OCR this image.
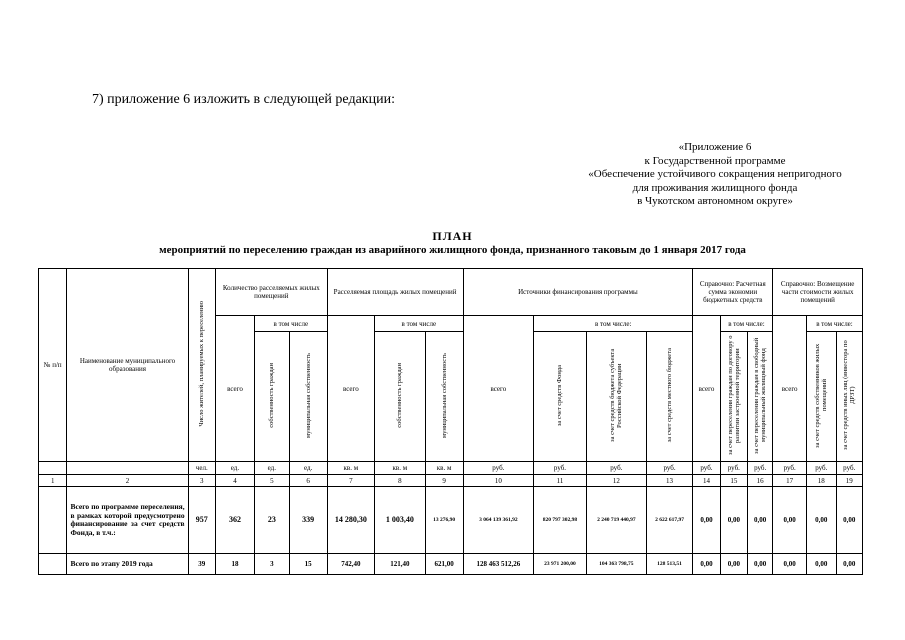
7) приложение 6 изложить в следующей редакции:
«Приложение 6
к Государственной программе
«Обеспечение устойчивого сокращения непригодного
для проживания жилищного фонда
в Чукотском автономном округе»
ПЛАН
мероприятий по переселению граждан из аварийного жилищного фонда, признанного таковым до 1 января 2017 года
№ п/п	Наименование муниципального образования	Число жителей, планируемых к переселению	Количество расселяемых жилых помещений			Расселяемая площадь жилых помещений			Источники финансирования программы				Справочно: Расчетная сумма экономии бюджетных средств			Справочно: Возмещение части стоимости жилых помещений		
			всего	в том числе		всего	в том числе		всего	в том числе:			всего	в том числе:		всего	в том числе:	
				собственность граждан	муниципальная собственность		собственность граждан	муниципальная собственность		за счет средств Фонда	за счет средств бюджета субъекта Российской Федерации	за счет средств местного бюджета		за счет переселения граждан по договору о развитии застроенной территории	за счет переселения граждан в свободный муниципальный жилищный фонд		за счет средств собственников жилых помещений	за счет средств иных лиц (инвестора по ДРЗТ)
		чел.	ед.	ед.	ед.	кв. м	кв. м	кв. м	руб.	руб.	руб.	руб.	руб.	руб.	руб.	руб.	руб.	руб.
1	2	3	4	5	6	7	8	9	10	11	12	13	14	15	16	17	18	19
	Всего по программе переселения, в рамках которой предусмотрено финансирование за счет средств Фонда, в т.ч.:	957	362	23	339	14 280,30	1 003,40	13 276,90	3 064 139 361,92	820 797 302,98	2 240 719 440,97	2 622 617,97	0,00	0,00	0,00	0,00	0,00	0,00
	Всего по этапу 2019 года	39	18	3	15	742,40	121,40	621,00	128 463 512,26	23 971 200,00	104 363 798,75	128 513,51	0,00	0,00	0,00	0,00	0,00	0,00
